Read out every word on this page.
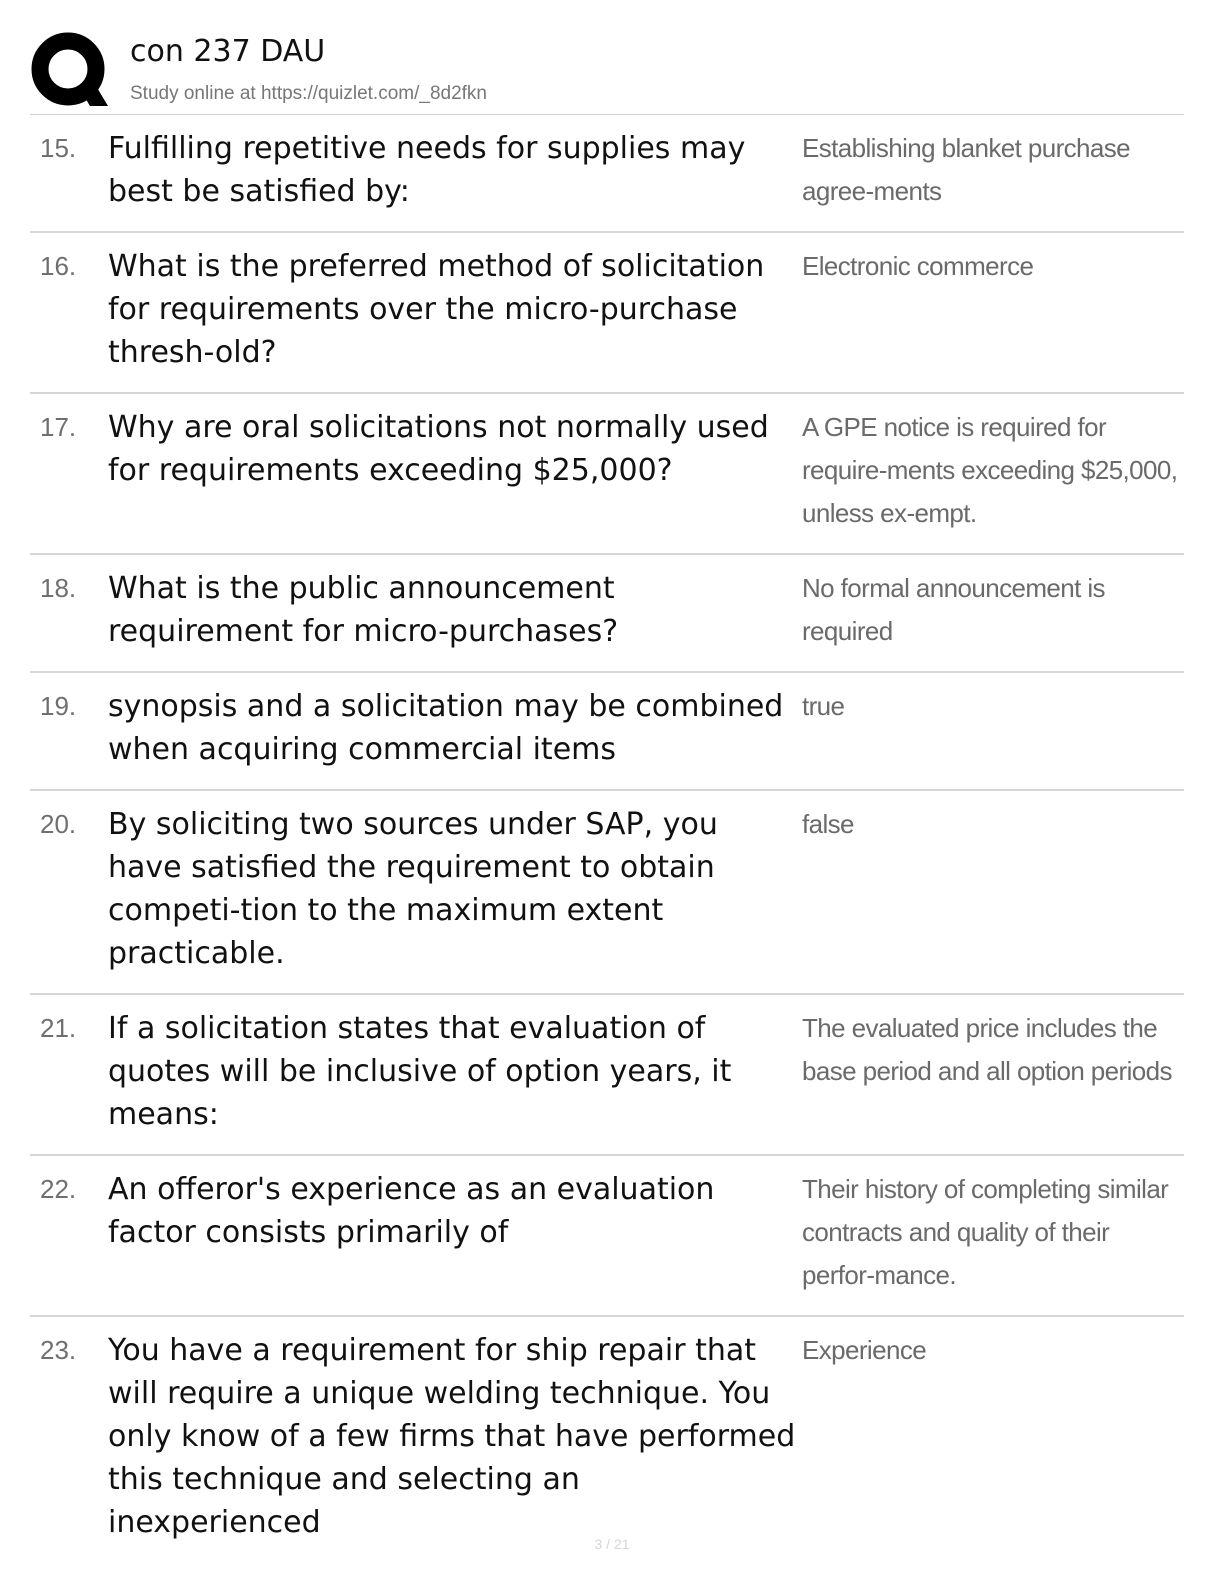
con 237 DAU
Study online at https://quizlet.com/_8d2fkn
15.	Fulfilling repetitive needs for supplies may best be satisfied by:
Establishing blanket purchase agree-ments
16.	What is the preferred method of solicitation for requirements over the micro-purchase thresh-old?
Electronic commerce
17.	Why are oral solicitations not normally used for requirements exceeding $25,000?
A GPE notice is required for require-ments exceeding $25,000, unless ex-empt.
18.	What is the public announcement requirement for micro-purchases?
No formal announcement is required
19.	synopsis and a solicitation may be combined when acquiring commercial items
true
20.	By soliciting two sources under SAP, you have satisfied the requirement to obtain competi-tion to the maximum extent practicable.
false
21.	If a solicitation states that evaluation of quotes will be inclusive of option years, it means:
The evaluated price includes the base period and all option periods
22.	An offeror's experience as an evaluation factor consists primarily of
Their history of completing similar contracts and quality of their perfor-mance.
23.	You have a requirement for ship repair that will require a unique welding technique. You only know of a few firms that have performed this technique and selecting an inexperienced
Experience
3 / 21
